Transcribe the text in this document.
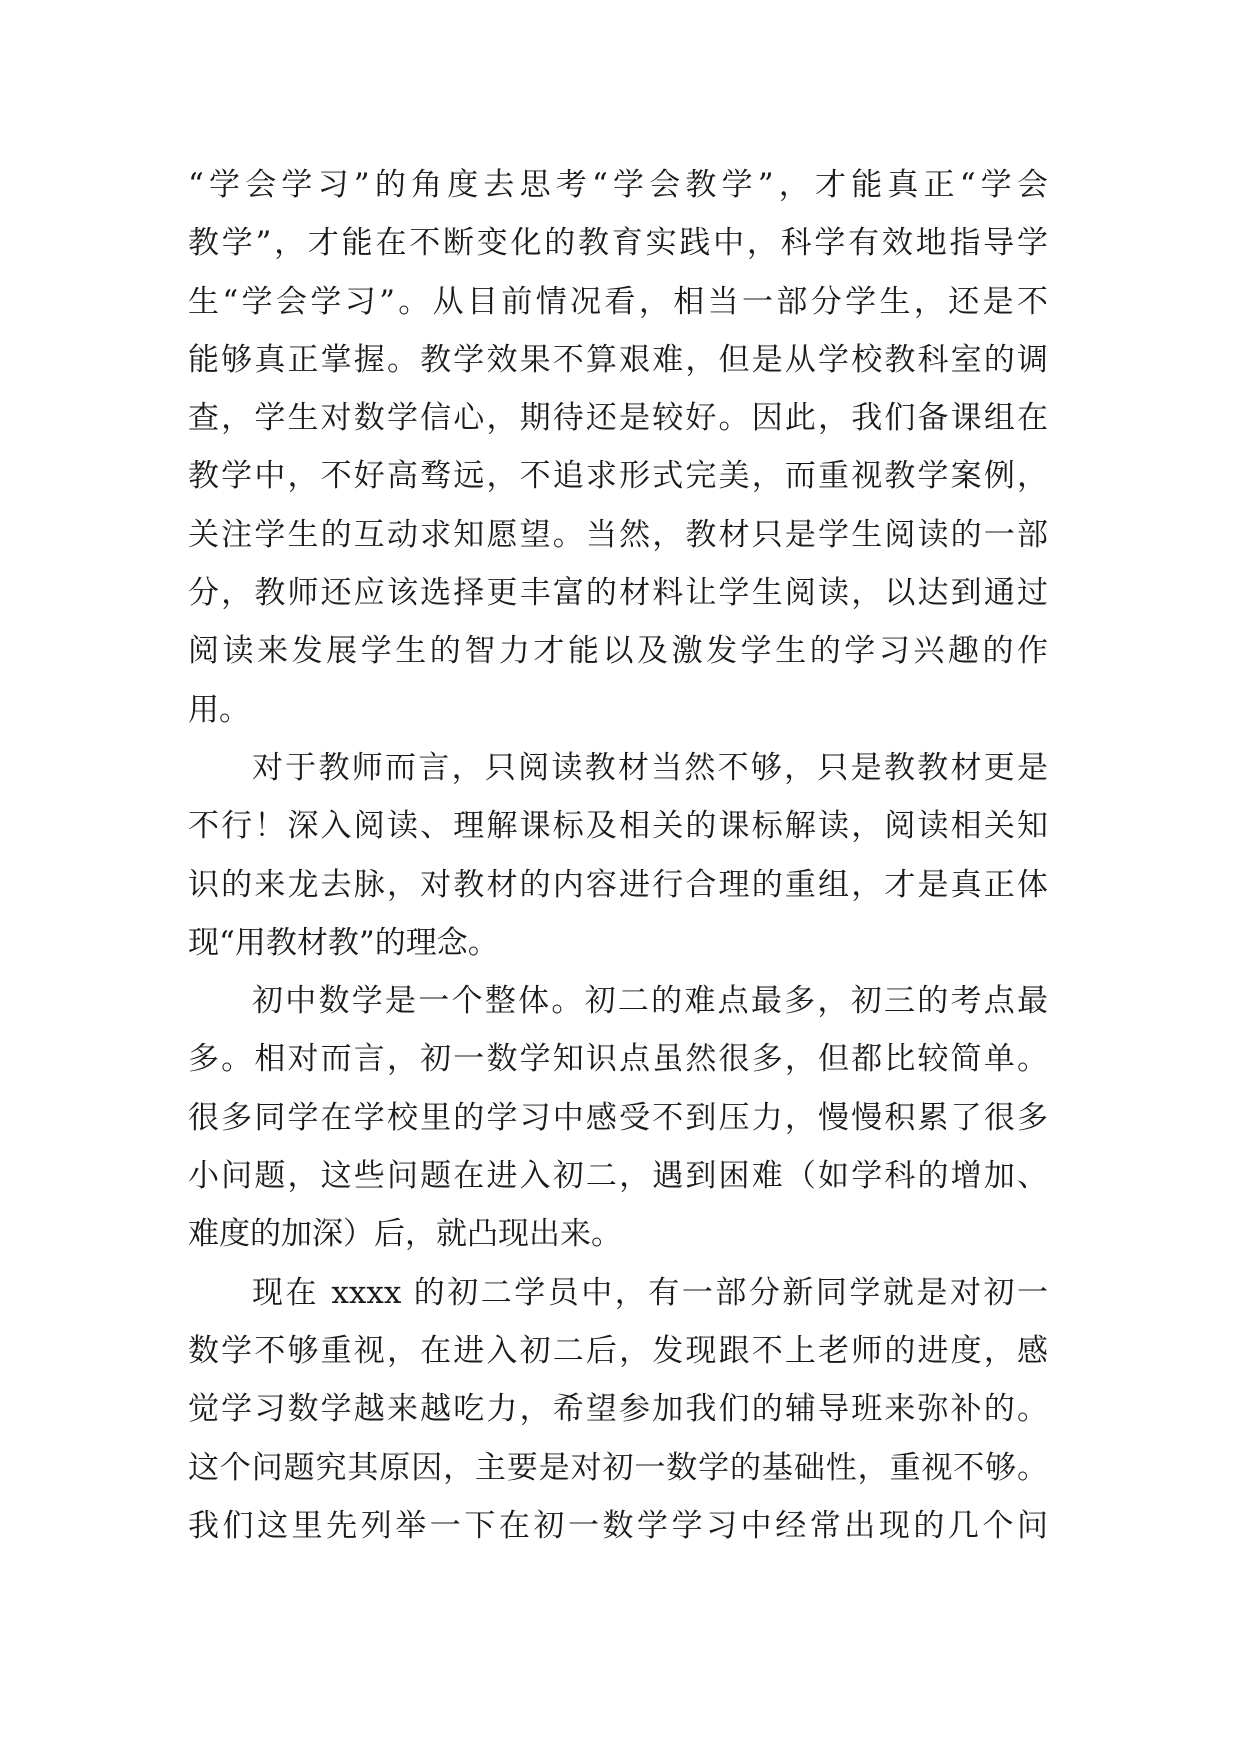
“学会学习”的角度去思考“学会教学”，才能真正“学会
教学”，才能在不断变化的教育实践中，科学有效地指导学
生“学会学习”。从目前情况看，相当一部分学生，还是不
能够真正掌握。教学效果不算艰难，但是从学校教科室的调
查，学生对数学信心，期待还是较好。因此，我们备课组在
教学中，不好高骛远，不追求形式完美，而重视教学案例，
关注学生的互动求知愿望。当然，教材只是学生阅读的一部
分，教师还应该选择更丰富的材料让学生阅读，以达到通过
阅读来发展学生的智力才能以及激发学生的学习兴趣的作
用。
对于教师而言，只阅读教材当然不够，只是教教材更是
不行！深入阅读、理解课标及相关的课标解读，阅读相关知
识的来龙去脉，对教材的内容进行合理的重组，才是真正体
现“用教材教”的理念。
初中数学是一个整体。初二的难点最多，初三的考点最
多。相对而言，初一数学知识点虽然很多，但都比较简单。
很多同学在学校里的学习中感受不到压力，慢慢积累了很多
小问题，这些问题在进入初二，遇到困难（如学科的增加、
难度的加深）后，就凸现出来。
现在 xxxx 的初二学员中，有一部分新同学就是对初一
数学不够重视，在进入初二后，发现跟不上老师的进度，感
觉学习数学越来越吃力，希望参加我们的辅导班来弥补的。
这个问题究其原因，主要是对初一数学的基础性，重视不够。
我们这里先列举一下在初一数学学习中经常出现的几个问
